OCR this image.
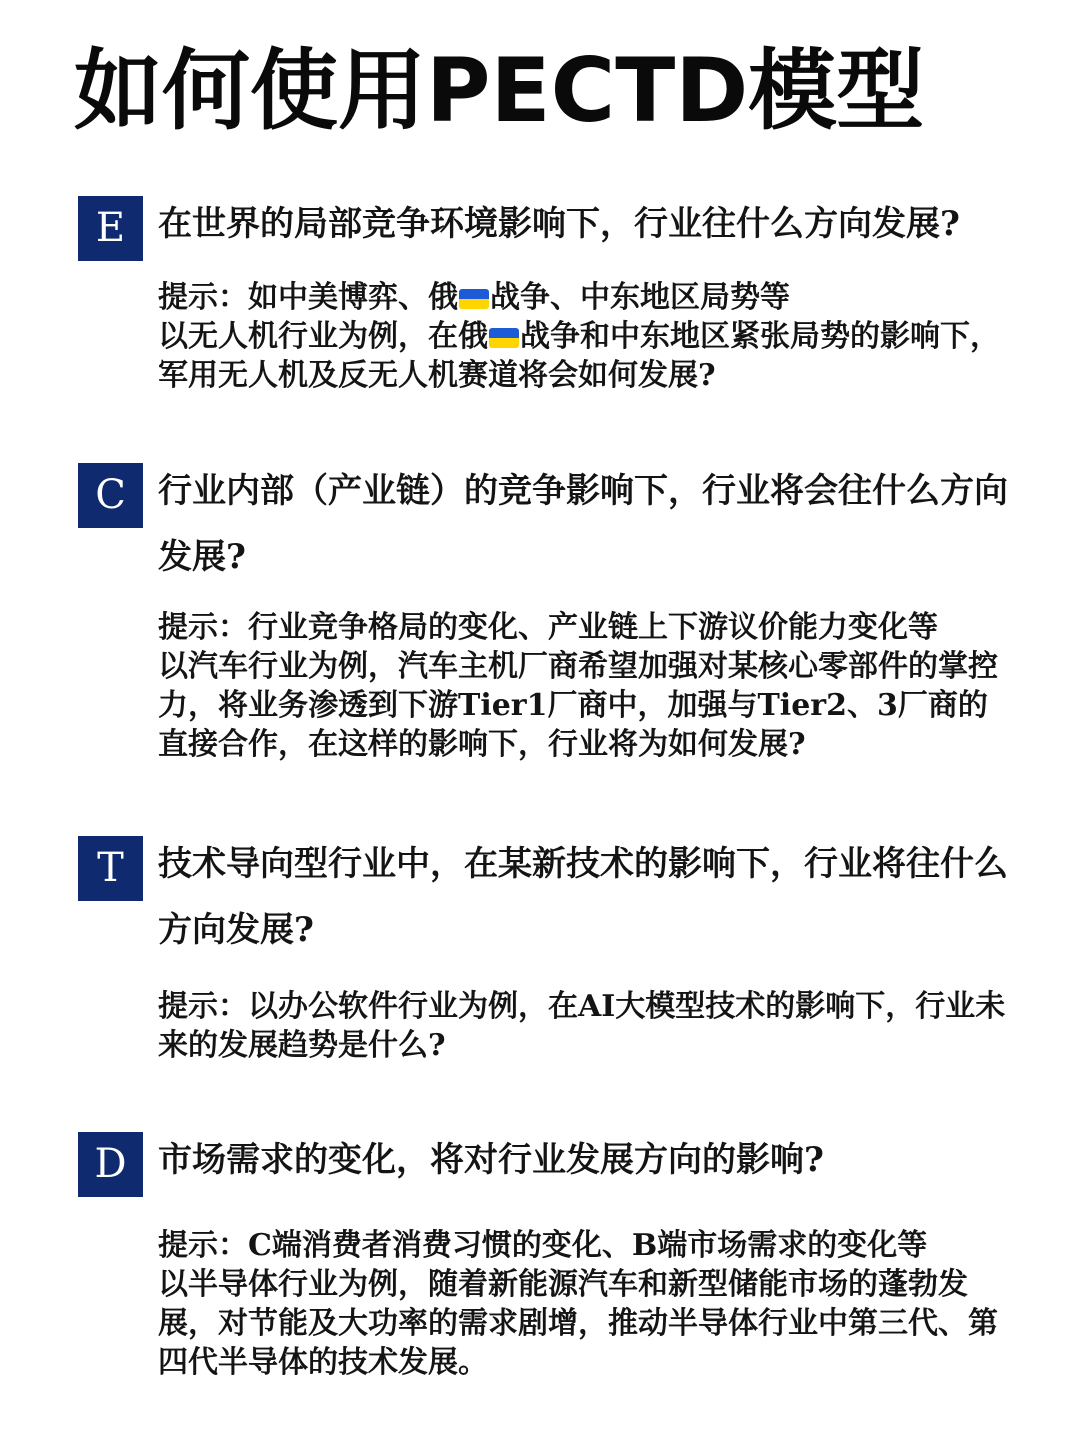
如何使用PECTD模型
E 在世界的局部竞争环境影响下，行业往什么方向发展?

提示：如中美博弈、俄 战争、中东地区局势等

以无人机行业为例，在俄 战争和中东地区紧张局势的影响下，军用无人机及反无人机赛道将会如何发展?

C 行业内部（产业链）的竞争影响下，行业将会往什么方向发展?

提示：行业竞争格局的变化、产业链上下游议价能力变化等

以汽车行业为例，汽车主机厂商希望加强对某核心零部件的掌控力，将业务渗透到下游Tier1厂商中，加强与Tier2、3厂商的直接合作，在这样的影响下，行业将为如何发展?

T	技术导向型行业中，在某新技术的影响下，行业将往什么方向发展?

提示：以办公软件行业为例，在AI大模型技术的影响下，行业未来的发展趋势是什么?

D 市场需求的变化，将对行业发展方向的影响?

提示：C端消费者消费习惯的变化、B端市场需求的变化等

以半导体行业为例，随着新能源汽车和新型储能市场的蓬勃发展，对节能及大功率的需求剧增，推动半导体行业中第三代、第四代半导体的技术发展。
